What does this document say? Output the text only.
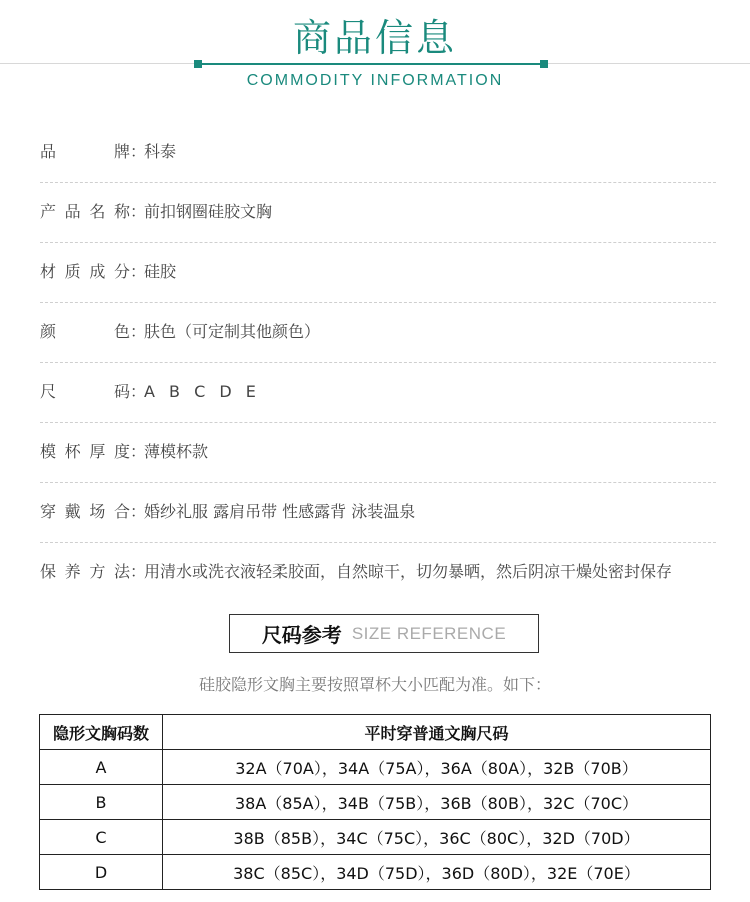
商品信息
COMMODITY INFORMATION
品牌 ：
科泰
产品名称 ：
前扣钢圈硅胶文胸
材质成分 ：
硅胶
颜色 ：
肤色（可定制其他颜色）
尺码 ：
A B C D E
模杯厚度 ：
薄模杯款
穿戴场合 ：
婚纱礼服 露肩吊带 性感露背 泳装温泉
保养方法 ：
用清水或洗衣液轻柔胶面，自然晾干，切勿暴晒，然后阴凉干燥处密封保存
尺码参考 SIZE REFERENCE
硅胶隐形文胸主要按照罩杯大小匹配为准。如下：
隐形文胸码数	平时穿普通文胸尺码
A	32A（70A），34A（75A），36A（80A），32B（70B）
B	38A（85A），34B（75B），36B（80B），32C（70C）
C	38B（85B），34C（75C），36C（80C），32D（70D）
D	38C（85C），34D（75D），36D（80D），32E（70E）
